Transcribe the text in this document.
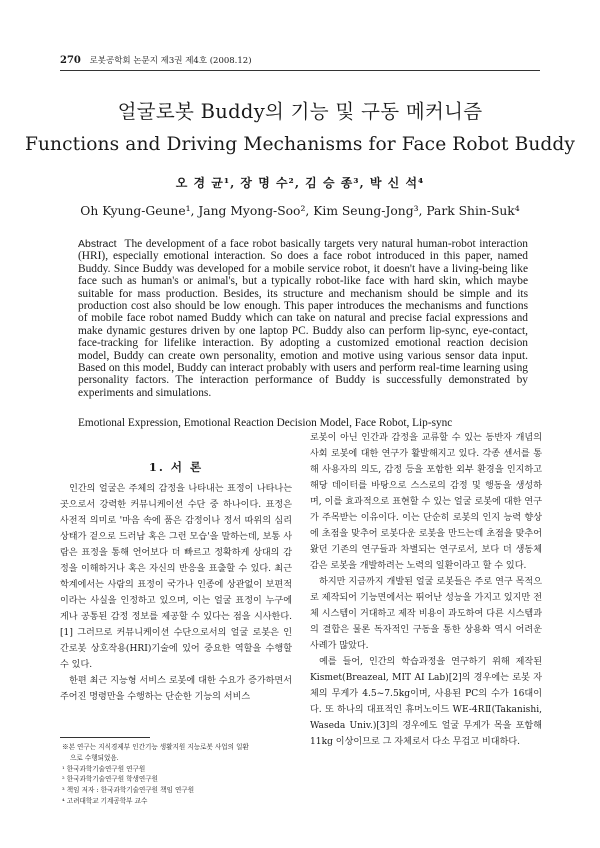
270 로봇공학회 논문지 제3권 제4호 (2008.12)
얼굴로봇 Buddy의 기능 및 구동 메커니즘
Functions and Driving Mechanisms for Face Robot Buddy
오 경 균¹, 장 명 수², 김 승 종³, 박 신 석⁴
Oh Kyung-Geune¹, Jang Myong-Soo², Kim Seung-Jong³, Park Shin-Suk⁴
Abstract The development of a face robot basically targets very natural human-robot interaction (HRI), especially emotional interaction. So does a face robot introduced in this paper, named Buddy. Since Buddy was developed for a mobile service robot, it doesn't have a living-being like face such as human's or animal's, but a typically robot-like face with hard skin, which maybe suitable for mass production. Besides, its structure and mechanism should be simple and its production cost also should be low enough. This paper introduces the mechanisms and functions of mobile face robot named Buddy which can take on natural and precise facial expressions and make dynamic gestures driven by one laptop PC. Buddy also can perform lip-sync, eye-contact, face-tracking for lifelike interaction. By adopting a customized emotional reaction decision model, Buddy can create own personality, emotion and motive using various sensor data input. Based on this model, Buddy can interact probably with users and perform real-time learning using personality factors. The interaction performance of Buddy is successfully demonstrated by experiments and simulations.
Emotional Expression, Emotional Reaction Decision Model, Face Robot, Lip-sync
1. 서 론

인간의 얼굴은 주체의 감정을 나타내는 표정이 나타나는 곳으로서 강력한 커뮤니케이션 수단 중 하나이다. 표정은 사전적 의미로 '마음 속에 품은 감정이나 정서 따위의 심리상태가 겉으로 드러남 혹은 그런 모습'을 말하는데, 보통 사람은 표정을 통해 언어보다 더 빠르고 정확하게 상대의 감정을 이해하거나 혹은 자신의 반응을 표출할 수 있다. 최근 학계에서는 사람의 표정이 국가나 인종에 상관없이 보편적이라는 사실을 인정하고 있으며, 이는 얼굴 표정이 누구에게나 공통된 감정 정보를 제공할 수 있다는 점을 시사한다.[1] 그러므로 커뮤니케이션 수단으로서의 얼굴 로봇은 인간로봇 상호작용(HRI)기술에 있어 중요한 역할을 수행할 수 있다.

한편 최근 지능형 서비스 로봇에 대한 수요가 증가하면서 주어진 명령만을 수행하는 단순한 기능의 서비스

로봇이 아닌 인간과 감정을 교류할 수 있는 동반자 개념의 사회 로봇에 대한 연구가 활발해지고 있다. 각종 센서를 통해 사용자의 의도, 감정 등을 포함한 외부 환경을 인지하고 해당 데이터를 바탕으로 스스로의 감정 및 행동을 생성하며, 이를 효과적으로 표현할 수 있는 얼굴 로봇에 대한 연구가 주목받는 이유이다. 이는 단순히 로봇의 인지 능력 향상에 초점을 맞추어 로봇다운 로봇을 만드는데 초점을 맞추어 왔던 기존의 연구들과 차별되는 연구로서, 보다 더 생동체감은 로봇을 개발하려는 노력의 일환이라고 할 수 있다.

하지만 지금까지 개발된 얼굴 로봇들은 주로 연구 목적으로 제작되어 기능면에서는 뛰어난 성능을 가지고 있지만 전체 시스템이 거대하고 제작 비용이 과도하여 다른 시스템과의 결합은 물론 독자적인 구동을 통한 상용화 역시 어려운 사례가 많았다.

예를 들어, 인간의 학습과정을 연구하기 위해 제작된 Kismet(Breazeal, MIT AI Lab)[2]의 경우에는 로봇 자체의 무게가 4.5~7.5kg이며, 사용된 PC의 수가 16대이다. 또 하나의 대표적인 휴머노이드 WE-4RⅡ(Takanishi, Waseda Univ.)[3]의 경우에도 얼굴 무게가 목을 포함해 11kg 이상이므로 그 자체로서 다소 무겁고 비대하다.

※본 연구는 지식경제부 인간기능 생활지원 지능로봇 사업의 일환
으로 수행되었음.
¹ 한국과학기술연구원 연구원
² 한국과학기술연구원 학생연구원
³ 책임 저자 : 한국과학기술연구원 책임 연구원
⁴ 고려대학교 기계공학부 교수
